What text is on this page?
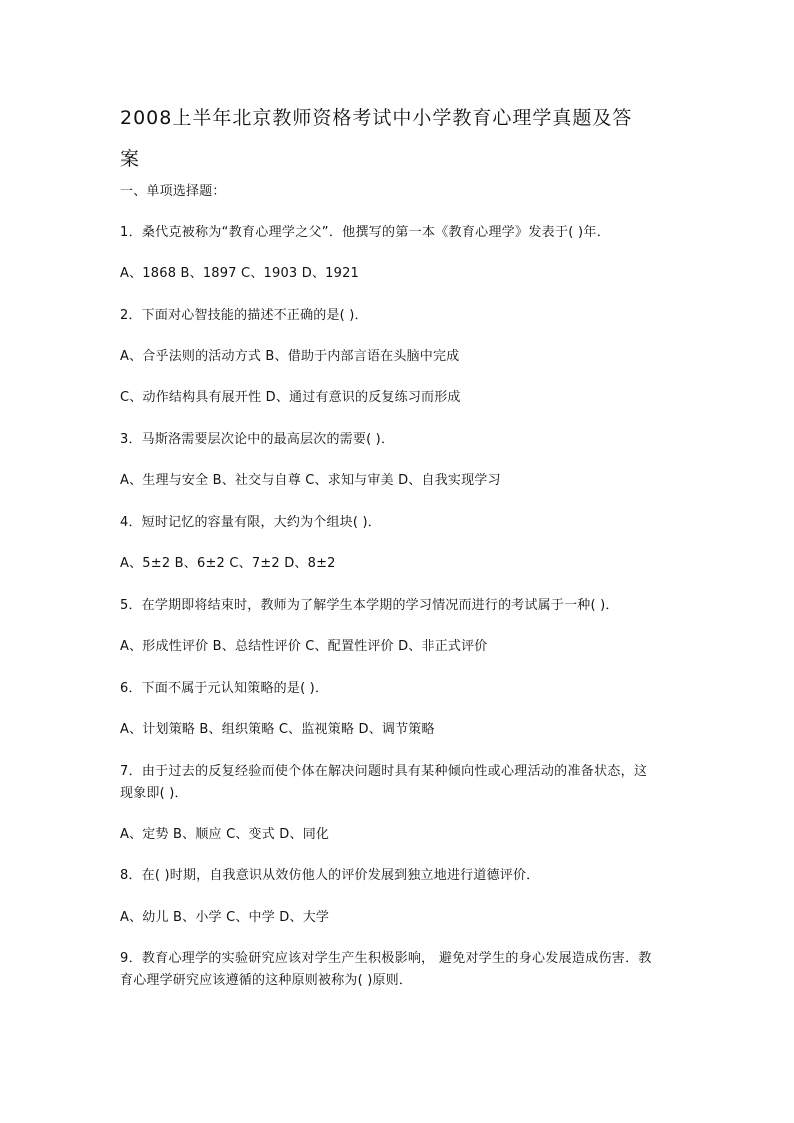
2008上半年北京教师资格考试中小学教育心理学真题及答
案
一、单项选择题：
1．桑代克被称为“教育心理学之父”．他撰写的第一本《教育心理学》发表于( )年．
A、1868 B、1897 C、1903 D、1921
2．下面对心智技能的描述不正确的是( )．
A、合乎法则的活动方式 B、借助于内部言语在头脑中完成
C、动作结构具有展开性 D、通过有意识的反复练习而形成
3．马斯洛需要层次论中的最高层次的需要( )．
A、生理与安全 B、社交与自尊 C、求知与审美 D、自我实现学习
4．短时记忆的容量有限，大约为个组块( )．
A、5±2 B、6±2 C、7±2 D、8±2
5．在学期即将结束时，教师为了解学生本学期的学习情况而进行的考试属于一种( )．
A、形成性评价 B、总结性评价 C、配置性评价 D、非正式评价
6．下面不属于元认知策略的是( )．
A、计划策略 B、组织策略 C、监视策略 D、调节策略
7．由于过去的反复经验而使个体在解决问题时具有某种倾向性或心理活动的准备状态，这
现象即( )．
A、定势 B、顺应 C、变式 D、同化
8．在( )时期，自我意识从效仿他人的评价发展到独立地进行道德评价．
A、幼儿 B、小学 C、中学 D、大学
9．教育心理学的实验研究应该对学生产生积极影响， 避免对学生的身心发展造成伤害．教
育心理学研究应该遵循的这种原则被称为( )原则．
